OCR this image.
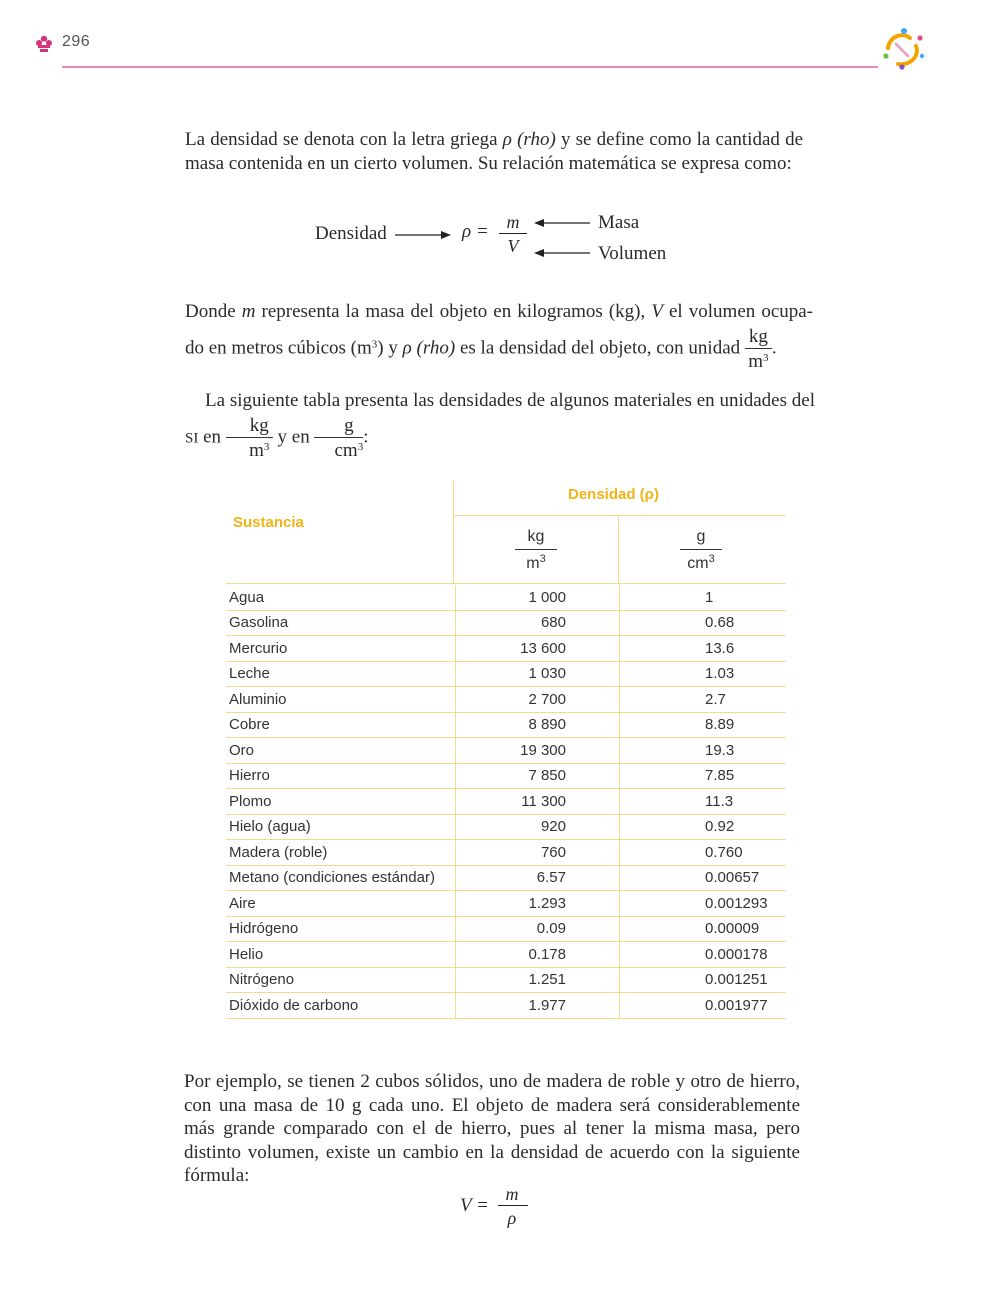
296

La densidad se denota con la letra griega ρ (rho) y se define como la cantidad de masa contenida en un cierto volumen. Su relación matemática se expresa como:

Densidad	ρ = m
V
Masa
Volumen

Donde m representa la masa del objeto en kilogramos (kg), V el volumen ocupa-do en metros cúbicos $(m^3)$ y ρ (rho) es la densidad del objeto, con unidad $\frac{kg}{m^3}$ .

La siguiente tabla presenta las densidades de algunos materiales en unidades del SI en $\frac{kg}{m^3}$ y en $\frac{g}{cm^3}$ :

Sustancia
Densidad (ρ)
kg
$m^3$
g
$cm^3$
Agua	1 000	1
Gasolina	680	0.68
Mercurio	13 600	13.6
Leche	1 030	1.03
Aluminio	2 700	2.7
Cobre	8 890	8.89
Oro	19 300	19.3
Hierro	7 850	7.85
Plomo	11 300	11.3
Hielo (agua)	920	0.92
Madera (roble)	760	0.760
Metano (condiciones estándar)	6.57	0.00657
Aire	1.293	0.001293
Hidrógeno	0.09	0.00009
Helio	0.178	0.000178
Nitrógeno	1.251	0.001251
Dióxido de carbono	1.977	0.001977

Por ejemplo, se tienen 2 cubos sólidos, uno de madera de roble y otro de hierro, con una masa de 10 g cada uno. El objeto de madera será considerablemente más grande comparado con el de hierro, pues al tener la misma masa, pero distinto volumen, existe un cambio en la densidad de acuerdo con la siguiente fórmula:

V =
m
ρ
